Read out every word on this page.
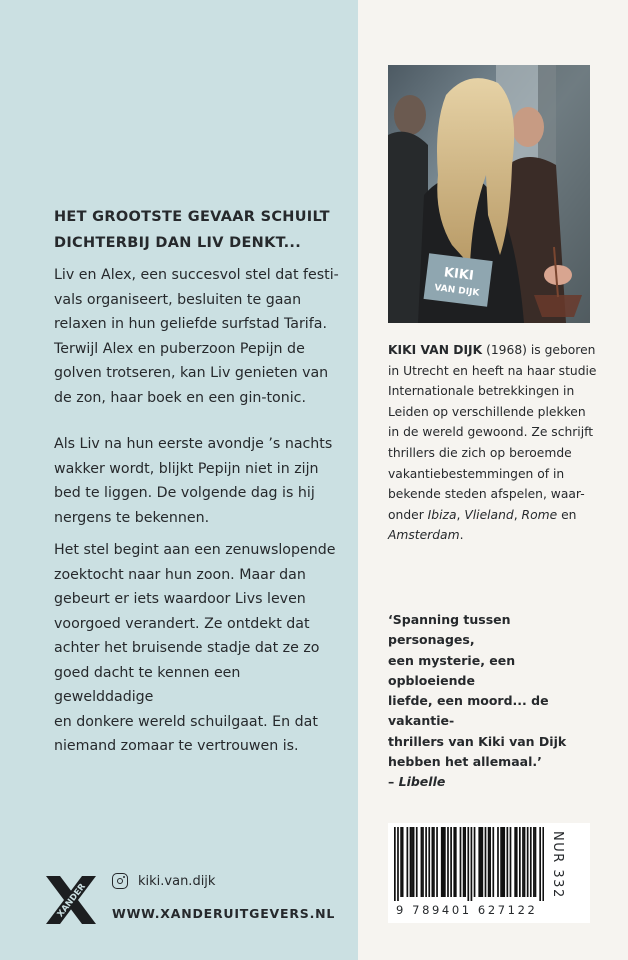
HET GROOTSTE GEVAAR SCHUILT
DICHTERBIJ DAN LIV DENKT...
Liv en Alex, een succesvol stel dat festi-
vals organiseert, besluiten te gaan
relaxen in hun geliefde surfstad Tarifa.
Terwijl Alex en puberzoon Pepijn de
golven trotseren, kan Liv genieten van
de zon, haar boek en een gin-tonic.
Als Liv na hun eerste avondje ’s nachts
wakker wordt, blijkt Pepijn niet in zijn
bed te liggen. De volgende dag is hij
nergens te bekennen.
Het stel begint aan een zenuwslopende
zoektocht naar hun zoon. Maar dan
gebeurt er iets waardoor Livs leven
voorgoed verandert. Ze ontdekt dat
achter het bruisende stadje dat ze zo
goed dacht te kennen een gewelddadige
en donkere wereld schuilgaat. En dat
niemand zomaar te vertrouwen is.
XANDER
kiki.van.dijk
WWW.XANDERUITGEVERS.NL
KIKI
VAN DIJK
KIKI VAN DIJK (1968) is geboren
in Utrecht en heeft na haar studie
Internationale betrekkingen in
Leiden op verschillende plekken
in de wereld gewoond. Ze schrijft
thrillers die zich op beroemde
vakantiebestemmingen of in
bekende steden afspelen, waar-
onder Ibiza, Vlieland, Rome en
Amsterdam.
‘Spanning tussen personages,
een mysterie, een opbloeiende
liefde, een moord... de vakantie-
thrillers van Kiki van Dijk
hebben het allemaal.’
– Libelle
9 789401 627122
NUR 332
